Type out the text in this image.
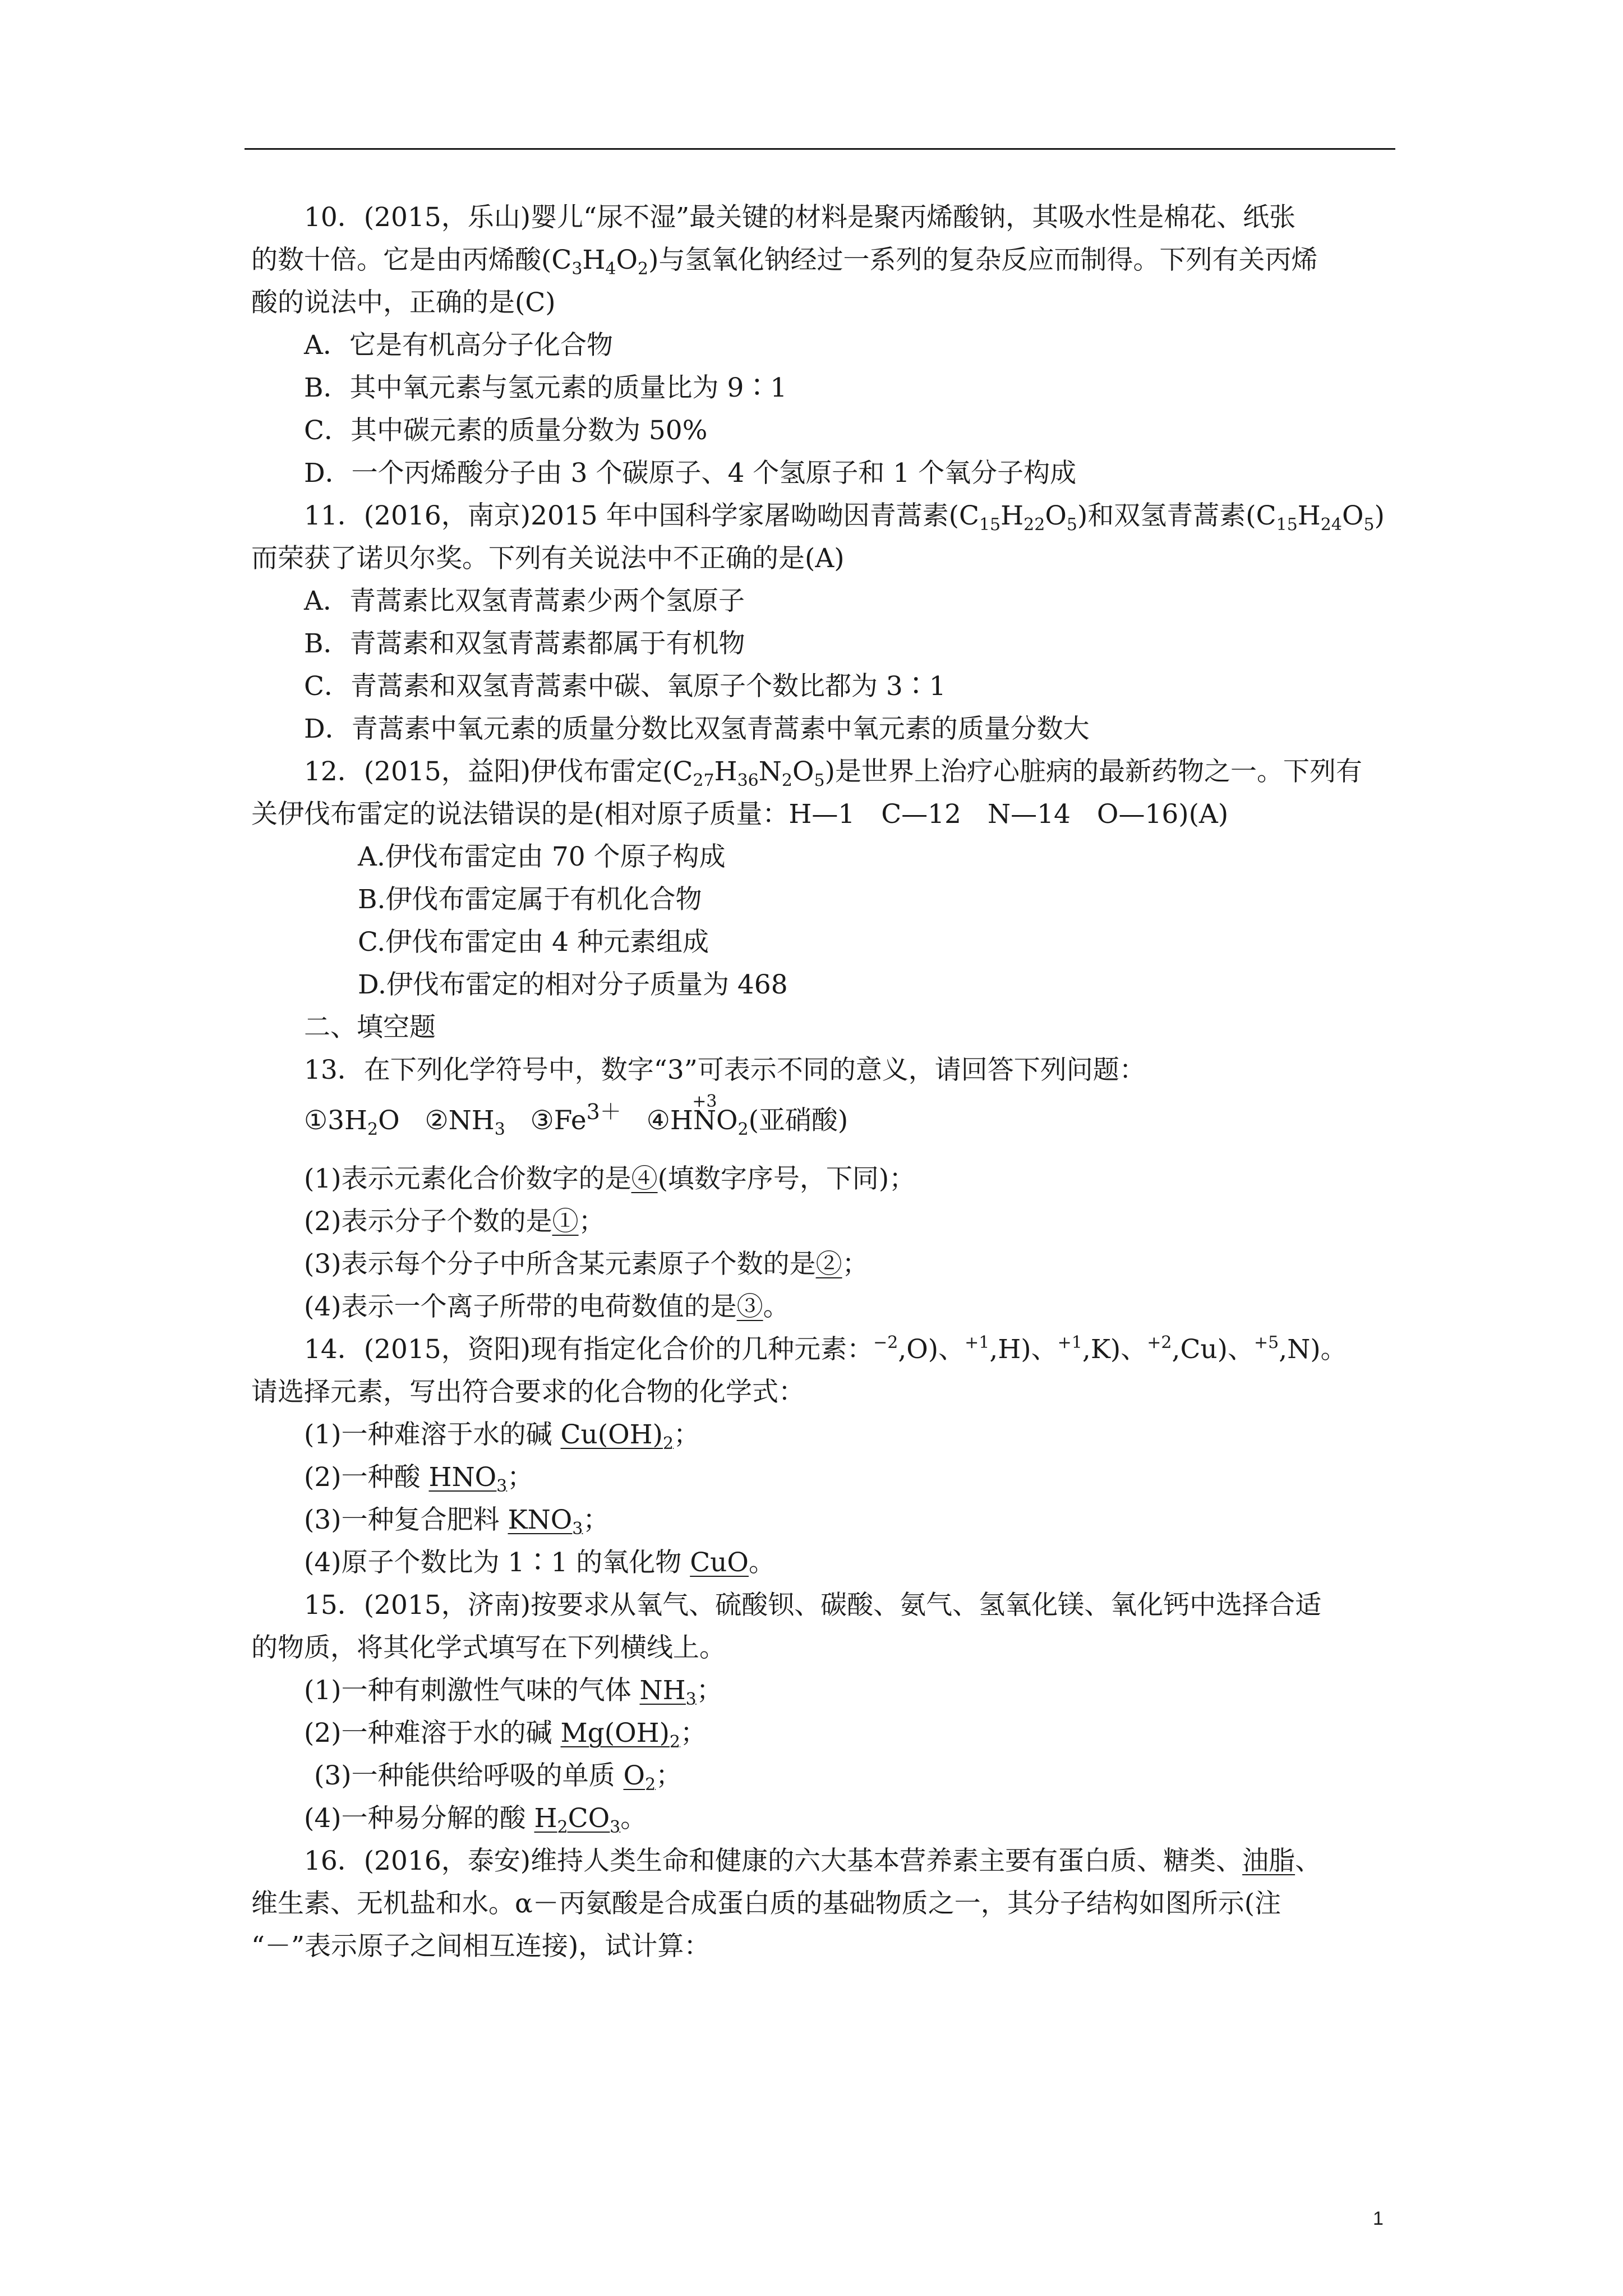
10．(2015，乐山)婴儿“尿不湿”最关键的材料是聚丙烯酸钠，其吸水性是棉花、纸张

的数十倍。它是由丙烯酸$(C_3H_4O_2)$与氢氧化钠经过一系列的复杂反应而制得。下列有关丙烯

酸的说法中，正确的是(C)

A．它是有机高分子化合物

B．其中氧元素与氢元素的质量比为 9∶1

C．其中碳元素的质量分数为 50%

D．一个丙烯酸分子由 3 个碳原子、4 个氢原子和 1 个氧分子构成

11．(2016，南京)2015 年中国科学家屠呦呦因青蒿素$(C_{15}H_{22}O_5)$和双氢青蒿素$(C_{15}H_{24}O_5)$

而荣获了诺贝尔奖。下列有关说法中不正确的是(A)

A．青蒿素比双氢青蒿素少两个氢原子

B．青蒿素和双氢青蒿素都属于有机物

C．青蒿素和双氢青蒿素中碳、氧原子个数比都为 3∶1

D．青蒿素中氧元素的质量分数比双氢青蒿素中氧元素的质量分数大

12．(2015，益阳)伊伐布雷定$(C_{27}H_{36}N_2O_5)$是世界上治疗心脏病的最新药物之一。下列有

关伊伐布雷定的说法错误的是(相对原子质量：H—1　C—12　N—14　O—16)(A)

A.伊伐布雷定由 70 个原子构成

B.伊伐布雷定属于有机化合物

C.伊伐布雷定由 4 种元素组成

D.伊伐布雷定的相对分子质量为 468

二、填空题

13．在下列化学符号中，数字“3”可表示不同的意义，请回答下列问题：

$①3H_2O$ $②NH_3$ $③Fe^{3+}$ ④H
+3
$NO_2$(亚硝酸)

(1)表示元素化合价数字的是④(填数字序号，下同)；

(2)表示分子个数的是①；

(3)表示每个分子中所含某元素原子个数的是②；

(4)表示一个离子所带的电荷数值的是③。

14．(2015，资阳)现有指定化合价的几种元素：$^{-2}$,O)、$^{+1}$,H)、$^{+1}$,K)、$^{+2}$,Cu)、$^{+5}$,N)。

请选择元素，写出符合要求的化合物的化学式：

(1)一种难溶于水的碱 $Cu(OH)_2$；

(2)一种酸 $HNO_3$；

(3)一种复合肥料 $KNO_3$；

(4)原子个数比为 1∶1 的氧化物 CuO。

15．(2015，济南)按要求从氧气、硫酸钡、碳酸、氨气、氢氧化镁、氧化钙中选择合适

的物质，将其化学式填写在下列横线上。

(1)一种有刺激性气味的气体 $NH_3$；

(2)一种难溶于水的碱 $Mg(OH)_2$；

(3)一种能供给呼吸的单质 $O_2$；

(4)一种易分解的酸 $H_2CO_3$。

16．(2016，泰安)维持人类生命和健康的六大基本营养素主要有蛋白质、糖类、油脂、

维生素、无机盐和水。α－丙氨酸是合成蛋白质的基础物质之一，其分子结构如图所示(注

“－”表示原子之间相互连接)，试计算：

1
